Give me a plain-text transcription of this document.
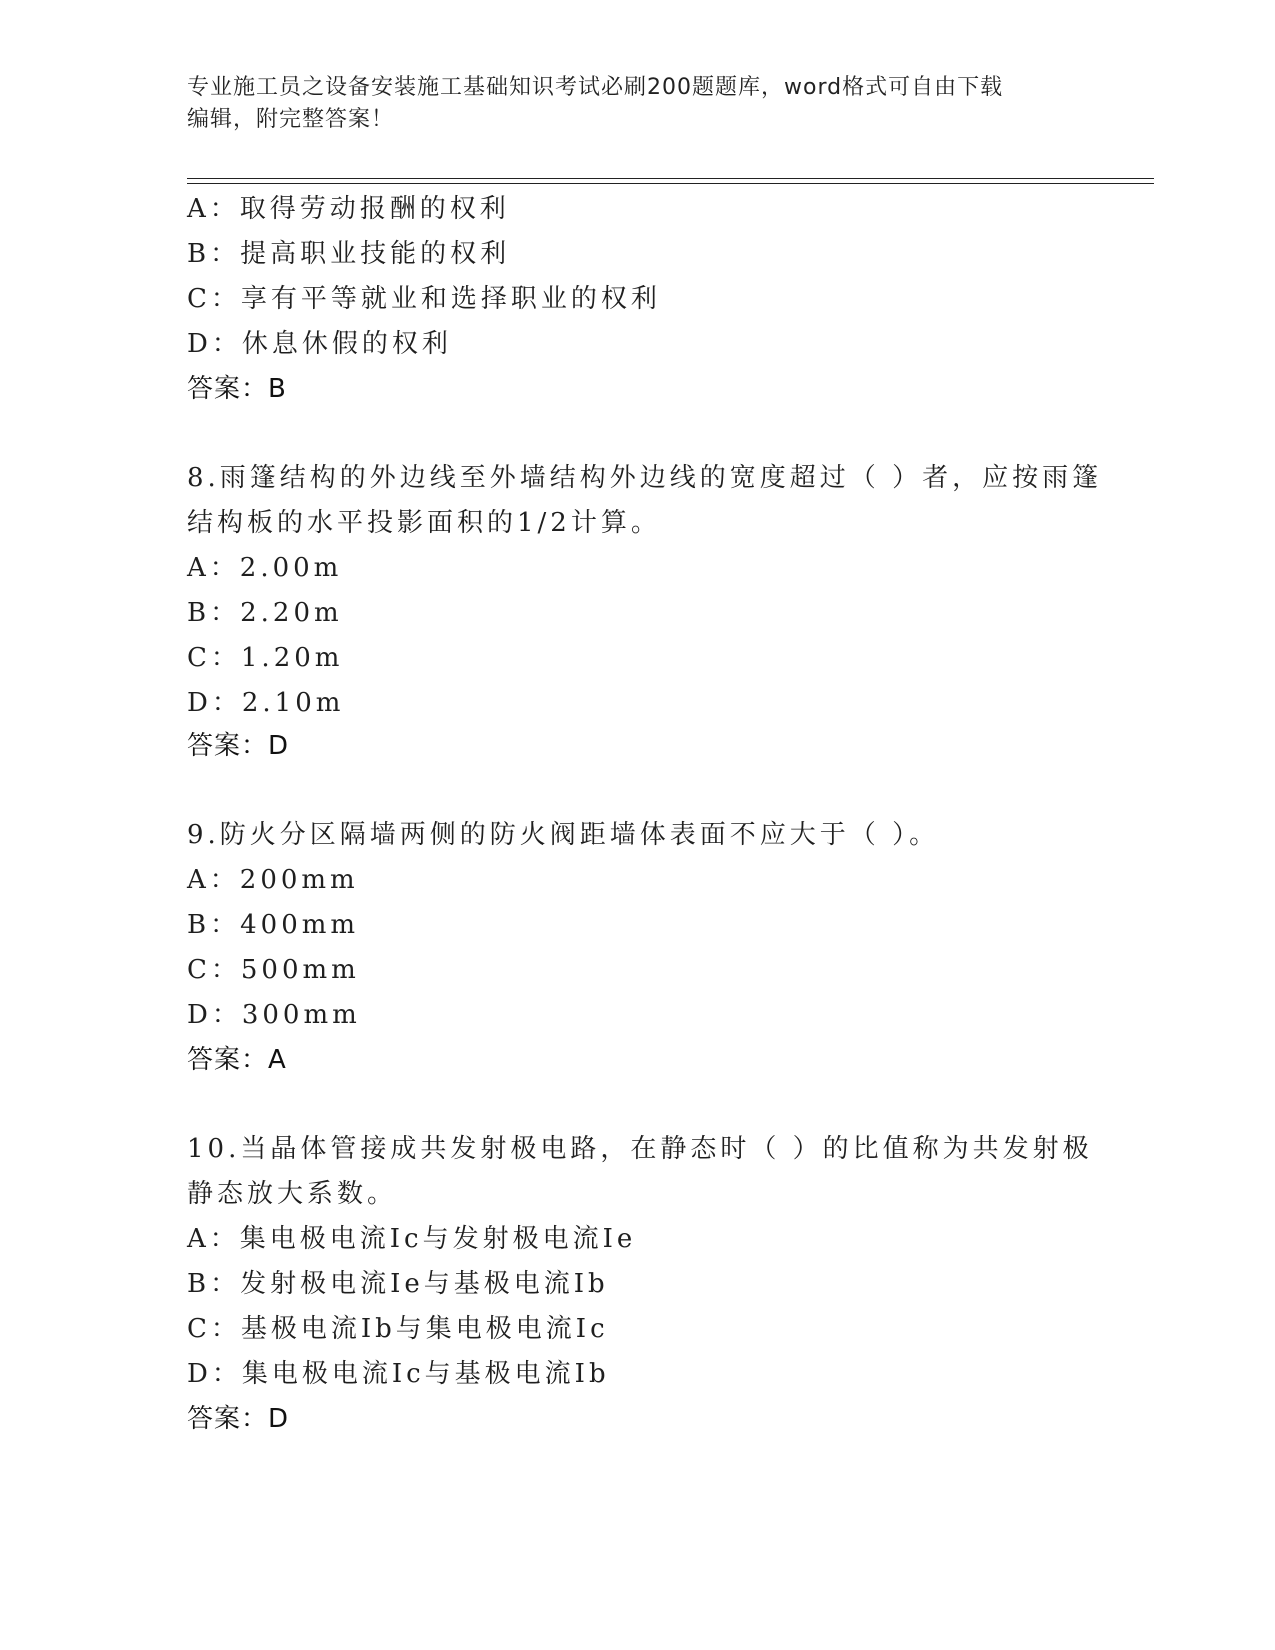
专业施工员之设备安装施工基础知识考试必刷200题题库，word格式可自由下载
编辑，附完整答案！
A：取得劳动报酬的权利
B：提高职业技能的权利
C：享有平等就业和选择职业的权利
D：休息休假的权利
答案：B
8.雨篷结构的外边线至外墙结构外边线的宽度超过（ ）者，应按雨篷
结构板的水平投影面积的1/2计算。
A：2.00m
B：2.20m
C：1.20m
D：2.10m
答案：D
9.防火分区隔墙两侧的防火阀距墙体表面不应大于（ ）。
A：200mm
B：400mm
C：500mm
D：300mm
答案：A
10.当晶体管接成共发射极电路，在静态时（ ）的比值称为共发射极
静态放大系数。
A：集电极电流Ic与发射极电流Ie
B：发射极电流Ie与基极电流Ib
C：基极电流Ib与集电极电流Ic
D：集电极电流Ic与基极电流Ib
答案：D
